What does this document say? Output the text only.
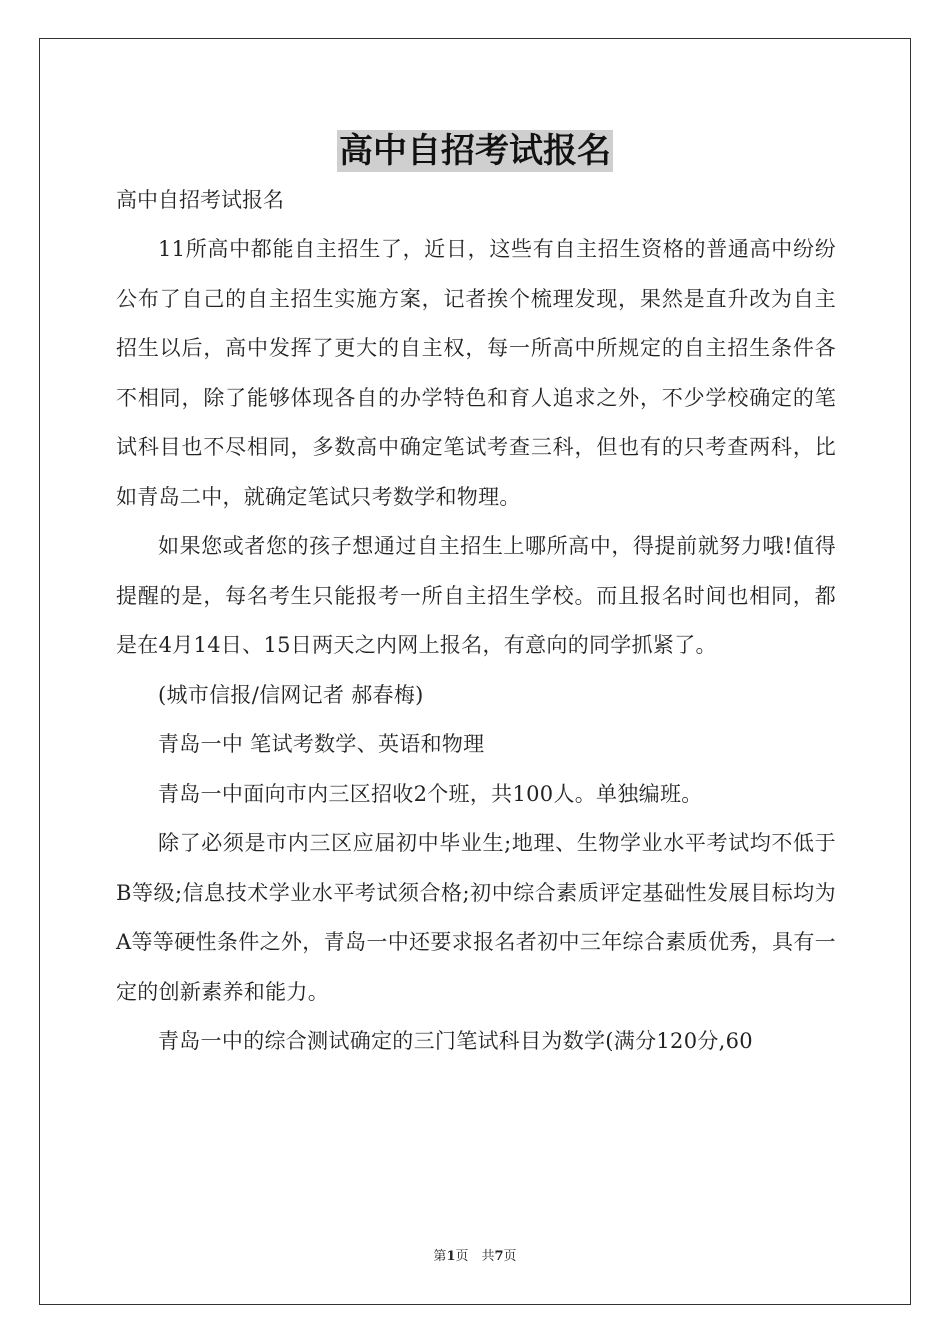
高中自招考试报名

高中自招考试报名

11所高中都能自主招生了，近日，这些有自主招生资格的普通高中纷纷公布了自己的自主招生实施方案，记者挨个梳理发现，果然是直升改为自主招生以后，高中发挥了更大的自主权，每一所高中所规定的自主招生条件各不相同，除了能够体现各自的办学特色和育人追求之外，不少学校确定的笔试科目也不尽相同，多数高中确定笔试考查三科，但也有的只考查两科，比如青岛二中，就确定笔试只考数学和物理。

如果您或者您的孩子想通过自主招生上哪所高中，得提前就努力哦!值得提醒的是，每名考生只能报考一所自主招生学校。而且报名时间也相同，都是在4月14日、15日两天之内网上报名，有意向的同学抓紧了。

(城市信报/信网记者 郝春梅)

青岛一中 笔试考数学、英语和物理

青岛一中面向市内三区招收2个班，共100人。单独编班。

除了必须是市内三区应届初中毕业生;地理、生物学业水平考试均不低于B等级;信息技术学业水平考试须合格;初中综合素质评定基础性发展目标均为A等等硬性条件之外，青岛一中还要求报名者初中三年综合素质优秀，具有一定的创新素养和能力。

青岛一中的综合测试确定的三门笔试科目为数学(满分120分,60

第1页　共7页
